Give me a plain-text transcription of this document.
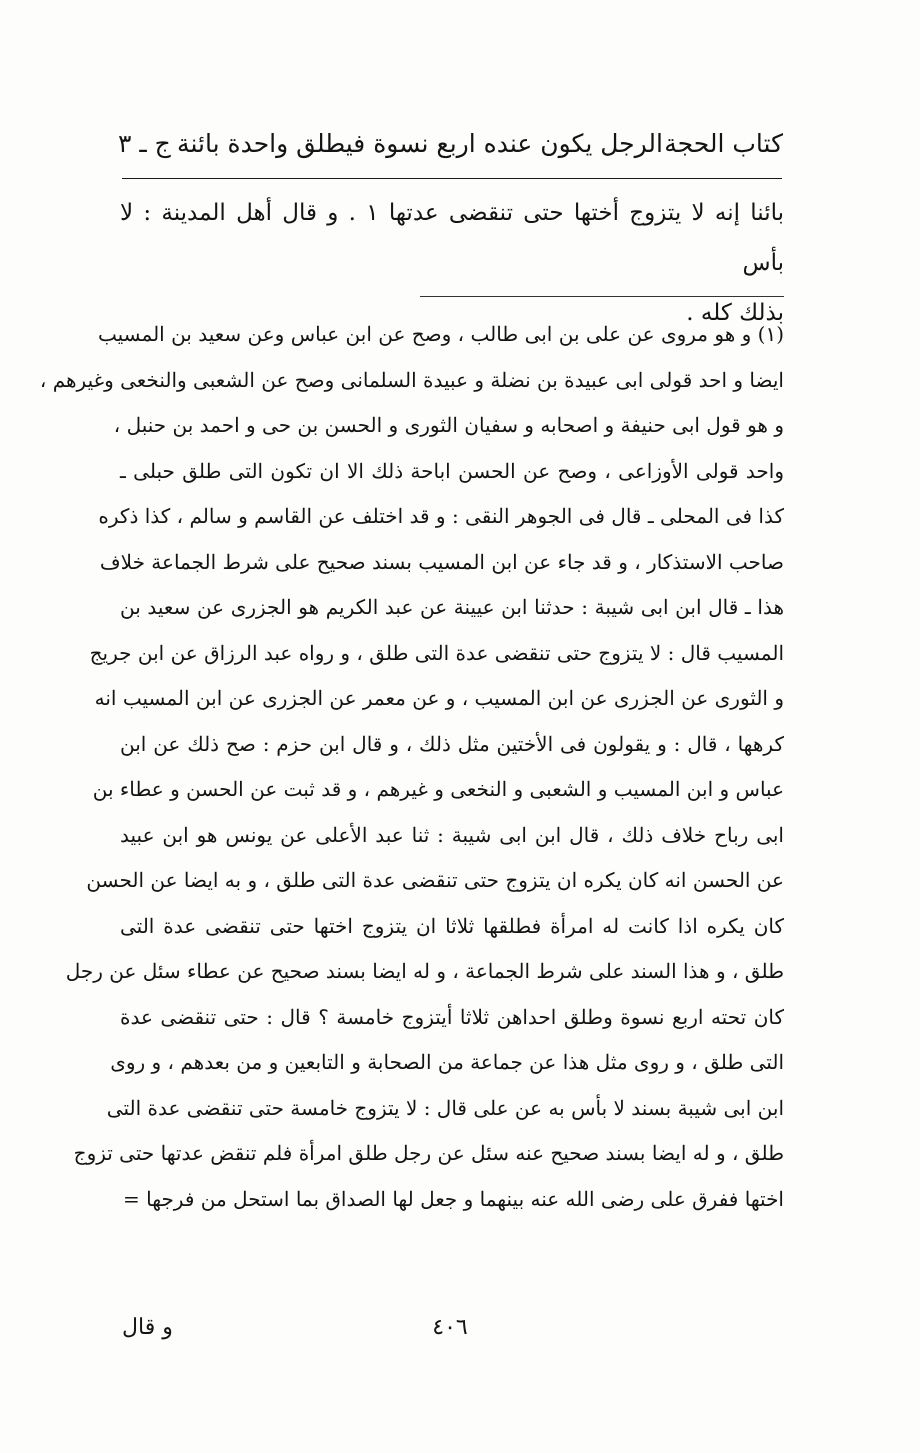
كتاب الحجة
الرجل يكون عنده اربع نسوة فيطلق واحدة بائنة
ج ـ ٣

بائنا إنه لا يتزوج أختها حتى تنقضى عدتها ١ . و قال أهل المدينة : لا بأس

بذلك كله .

(١) و هو مروى عن على بن ابى طالب ، وصح عن ابن عباس وعن سعيد بن المسيب
ايضا و احد قولى ابى عبيدة بن نضلة و عبيدة السلمانى وصح عن الشعبى والنخعى وغيرهم ،
و هو قول ابى حنيفة و اصحابه و سفيان الثورى و الحسن بن حى و احمد بن حنبل ،
واحد قولى الأوزاعى ، وصح عن الحسن اباحة ذلك الا ان تكون التى طلق حبلى ـ
كذا فى المحلى ـ قال فى الجوهر النقى : و قد اختلف عن القاسم و سالم ، كذا ذكره
صاحب الاستذكار ، و قد جاء عن ابن المسيب بسند صحيح على شرط الجماعة خلاف
هذا ـ قال ابن ابى شيبة : حدثنا ابن عيينة عن عبد الكريم هو الجزرى عن سعيد بن
المسيب قال : لا يتزوج حتى تنقضى عدة التى طلق ، و رواه عبد الرزاق عن ابن جريج
و الثورى عن الجزرى عن ابن المسيب ، و عن معمر عن الجزرى عن ابن المسيب انه
كرهها ، قال : و يقولون فى الأختين مثل ذلك ، و قال ابن حزم : صح ذلك عن ابن
عباس و ابن المسيب و الشعبى و النخعى و غيرهم ، و قد ثبت عن الحسن و عطاء بن
ابى رباح خلاف ذلك ، قال ابن ابى شيبة : ثنا عبد الأعلى عن يونس هو ابن عبيد
عن الحسن انه كان يكره ان يتزوج حتى تنقضى عدة التى طلق ، و به ايضا عن الحسن
كان يكره اذا كانت له امرأة فطلقها ثلاثا ان يتزوج اختها حتى تنقضى عدة التى
طلق ، و هذا السند على شرط الجماعة ، و له ايضا بسند صحيح عن عطاء سئل عن رجل
كان تحته اربع نسوة وطلق احداهن ثلاثا أيتزوج خامسة ؟ قال : حتى تنقضى عدة
التى طلق ، و روى مثل هذا عن جماعة من الصحابة و التابعين و من بعدهم ، و روى
ابن ابى شيبة بسند لا بأس به عن على قال : لا يتزوج خامسة حتى تنقضى عدة التى
طلق ، و له ايضا بسند صحيح عنه سئل عن رجل طلق امرأة فلم تنقض عدتها حتى تزوج
اختها ففرق على رضى الله عنه بينهما و جعل لها الصداق بما استحل من فرجها =
٤٠٦
و قال
